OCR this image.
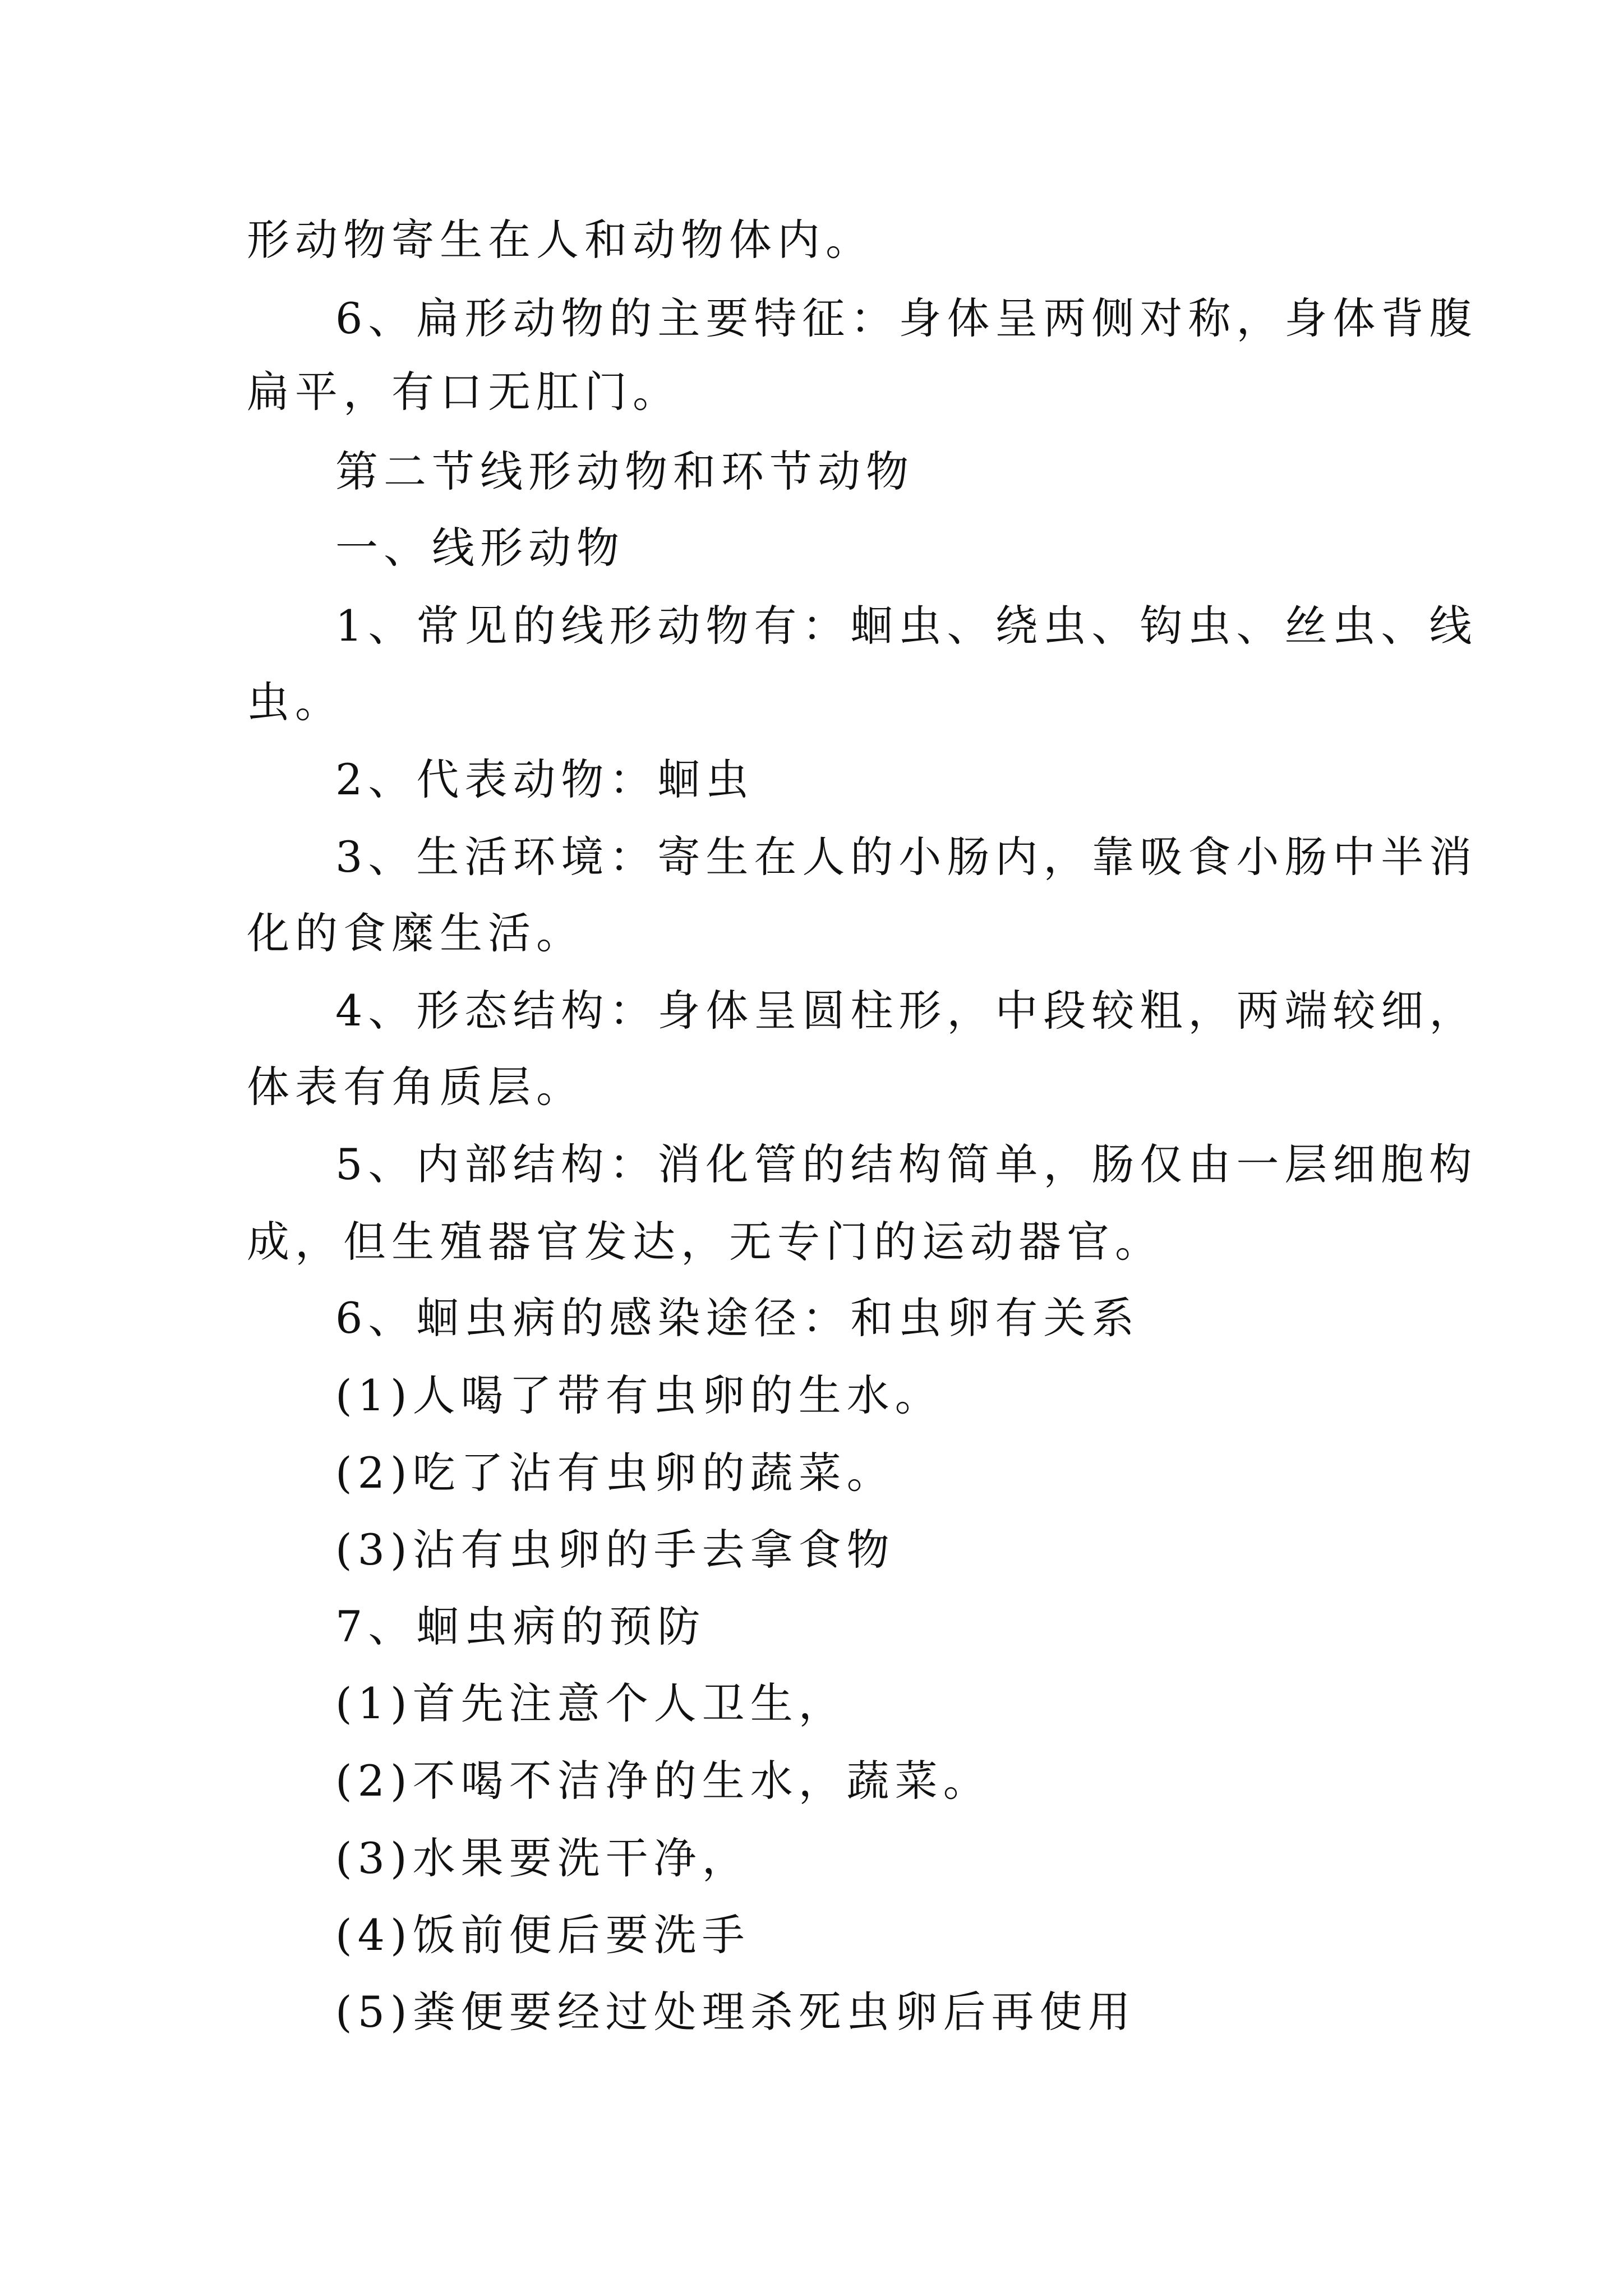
形动物寄生在人和动物体内。
6、扁形动物的主要特征：身体呈两侧对称，身体背腹
扁平，有口无肛门。
第二节线形动物和环节动物
一、线形动物
1、常见的线形动物有：蛔虫、绕虫、钩虫、丝虫、线
虫。
2、代表动物：蛔虫
3、生活环境：寄生在人的小肠内，靠吸食小肠中半消
化的食糜生活。
4、形态结构：身体呈圆柱形，中段较粗，两端较细，
体表有角质层。
5、内部结构：消化管的结构简单，肠仅由一层细胞构
成，但生殖器官发达，无专门的运动器官。
6、蛔虫病的感染途径：和虫卵有关系
(1)人喝了带有虫卵的生水。
(2)吃了沾有虫卵的蔬菜。
(3)沾有虫卵的手去拿食物
7、蛔虫病的预防
(1)首先注意个人卫生，
(2)不喝不洁净的生水，蔬菜。
(3)水果要洗干净，
(4)饭前便后要洗手
(5)粪便要经过处理杀死虫卵后再使用
